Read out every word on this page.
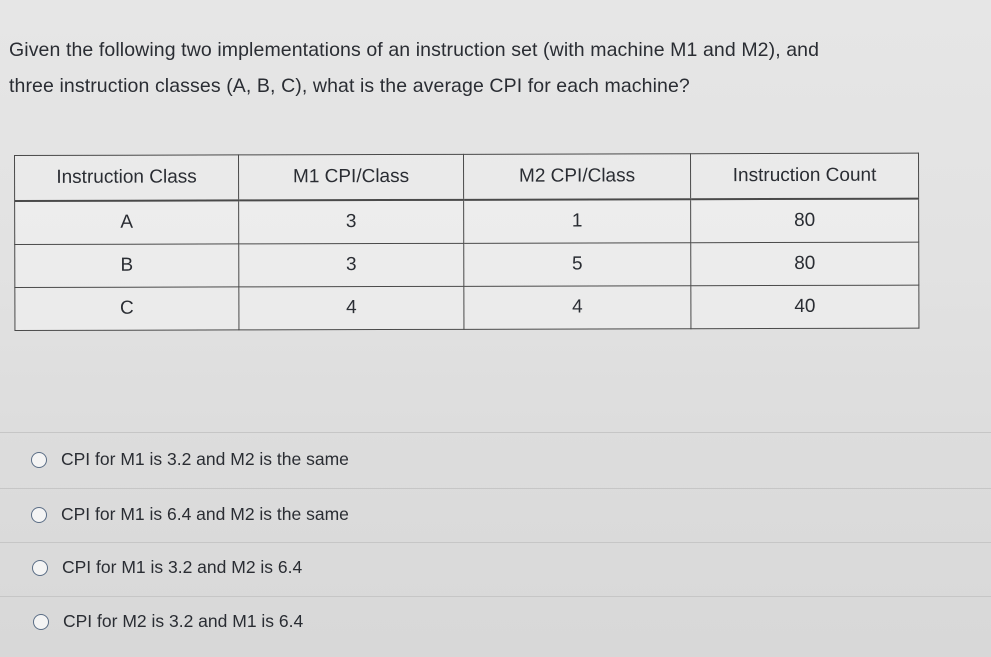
Given the following two implementations of an instruction set (with machine M1 and M2), and
three instruction classes (A, B, C), what is the average CPI for each machine?
Instruction Class	M1 CPI/Class	M2 CPI/Class	Instruction Count
A	3	1	80
B	3	5	80
C	4	4	40
CPI for M1 is 3.2 and M2 is the same
CPI for M1 is 6.4 and M2 is the same
CPI for M1 is 3.2 and M2 is 6.4
CPI for M2 is 3.2 and M1 is 6.4
